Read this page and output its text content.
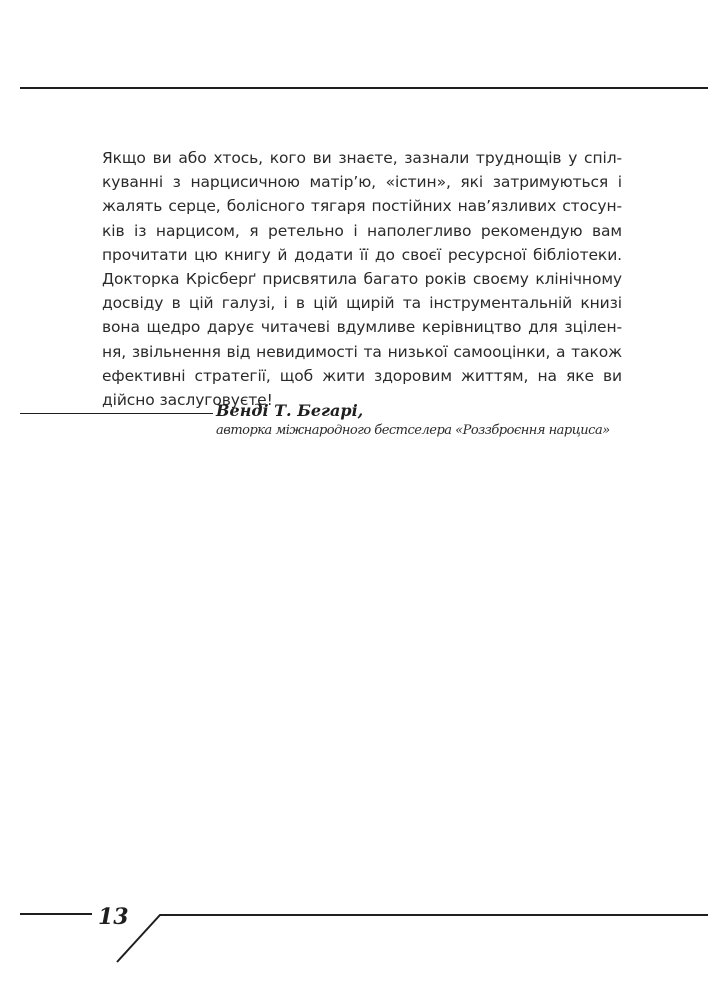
Якщо ви або хтось, кого ви знаєте, зазнали труднощів у спіл-
куванні з нарцисичною матір’ю, «істин», які затримуються і
жалять серце, болісного тягаря постійних нав’язливих стосун-
ків із нарцисом, я ретельно і наполегливо рекомендую вам
прочитати цю книгу й додати її до своєї ресурсної бібліотеки.
Докторка Крісберґ присвятила багато років своєму клінічному
досвіду в цій галузі, і в цій щирій та інструментальній книзі
вона щедро дарує читачеві вдумливе керівництво для зцілен-
ня, звільнення від невидимості та низької самооцінки, а також
ефективні стратегії, щоб жити здоровим життям, на яке ви
дійсно заслуговуєте!
Венді Т. Бегарі,
авторка міжнародного бестселера «Роззброєння нарциса»
13
